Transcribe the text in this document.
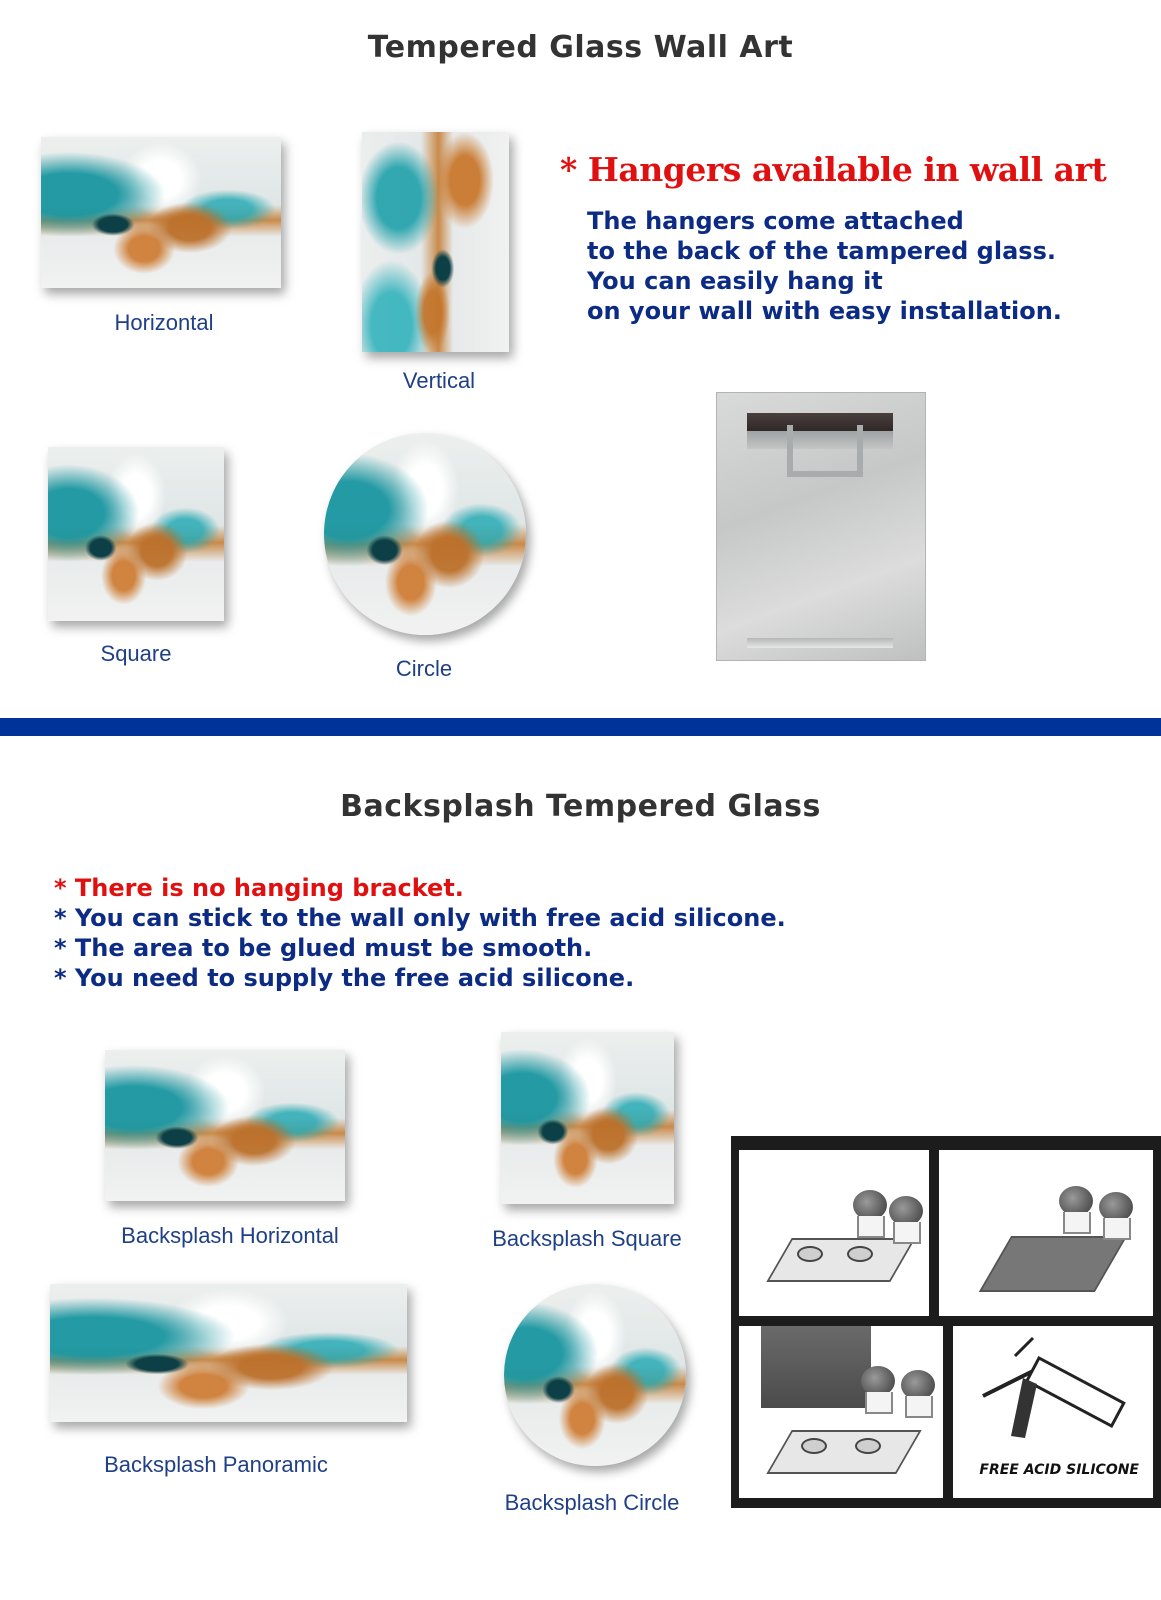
Tempered Glass Wall Art
Horizontal
Vertical
Square
Circle
* Hangers available in wall art
The hangers come attached
to the back of the tampered glass.
You can easily hang it
on your wall with easy installation.
Backsplash Tempered Glass
* There is no hanging bracket.
* You can stick to the wall only with free acid silicone.
* The area to be glued must be smooth.
* You need to supply the free acid silicone.
Backsplash Horizontal	Backsplash Square
Backsplash Panoramic
Backsplash Circle
FREE ACID SILICONE
